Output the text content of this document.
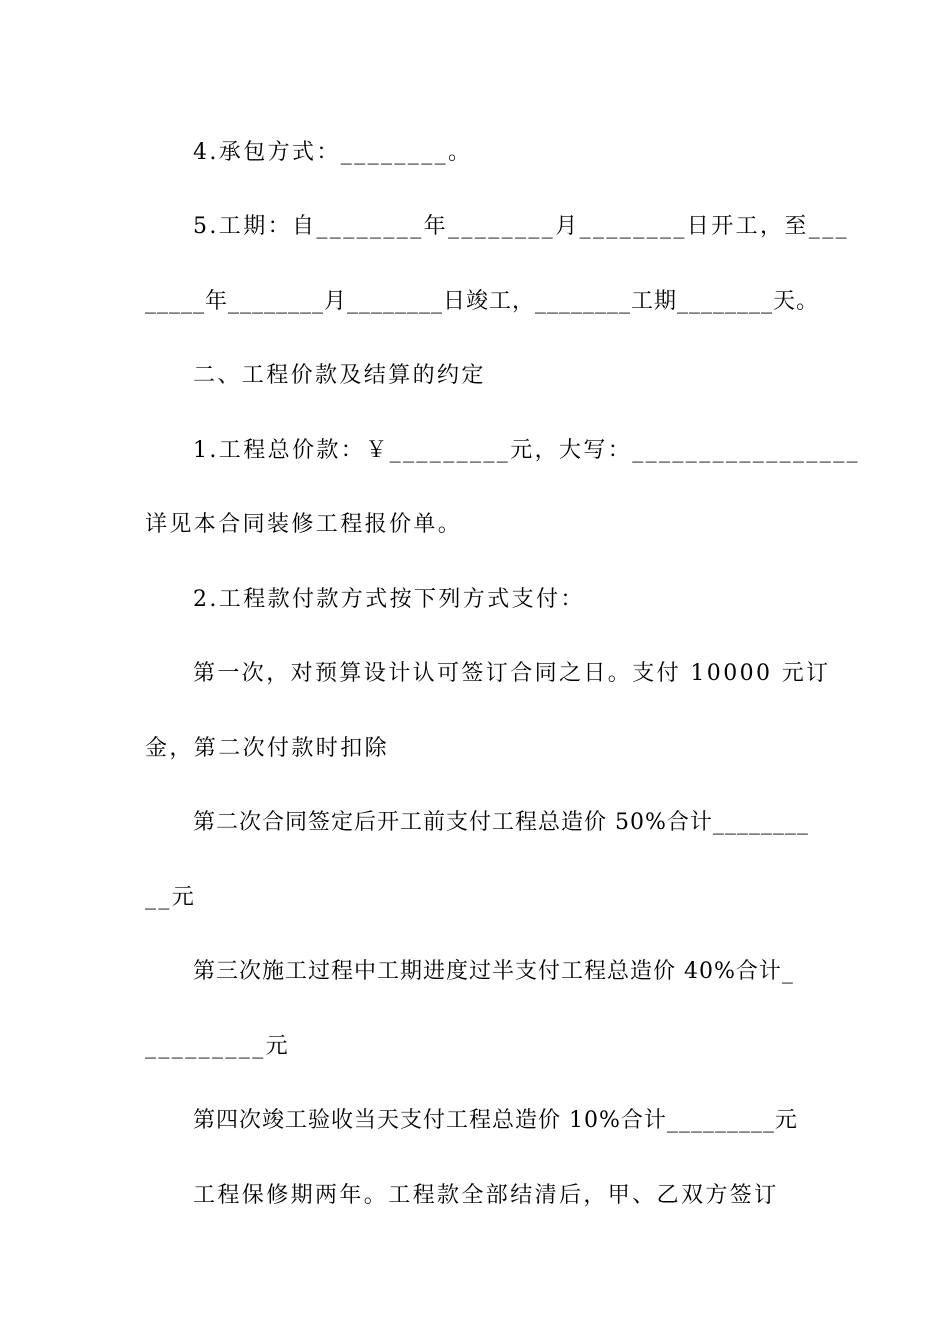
4.承包方式：________。
5.工期：自________年________月________日开工，至___
_____年________月________日竣工，________工期________天。
二、工程价款及结算的约定
1.工程总价款：￥_________元，大写：_________________
详见本合同装修工程报价单。
2.工程款付款方式按下列方式支付：
第一次，对预算设计认可签订合同之日。支付 10000 元订
金，第二次付款时扣除
第二次合同签定后开工前支付工程总造价 50%合计________
__元
第三次施工过程中工期进度过半支付工程总造价 40%合计_
_________元
第四次竣工验收当天支付工程总造价 10%合计_________元
工程保修期两年。工程款全部结清后，甲、乙双方签订
